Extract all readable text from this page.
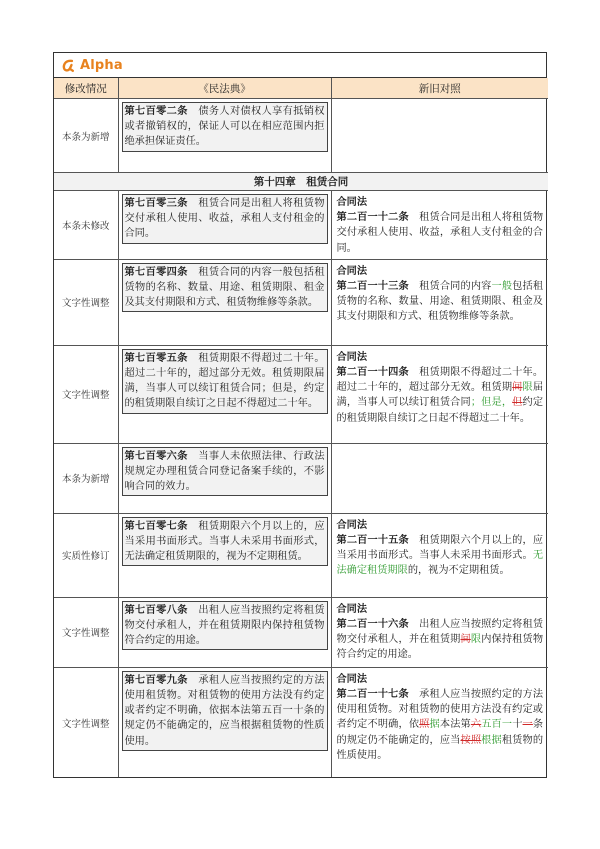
Alpha
修改情况	《民法典》	新旧对照
本条为新增	第七百零二条　债务人对债权人享有抵销权或者撤销权的，保证人可以在相应范围内拒绝承担保证责任。	

第十四章　租赁合同		
本条未修改	第七百零三条　租赁合同是出租人将租赁物交付承租人使用、收益，承租人支付租金的合同。	合同法
第二百一十二条　租赁合同是出租人将租赁物交付承租人使用、收益，承租人支付租金的合同。

文字性调整	第七百零四条　租赁合同的内容一般包括租赁物的名称、数量、用途、租赁期限、租金及其支付期限和方式、租赁物维修等条款。	合同法
第二百一十三条　租赁合同的内容一般包括租赁物的名称、数量、用途、租赁期限、租金及其支付期限和方式、租赁物维修等条款。

文字性调整	第七百零五条　租赁期限不得超过二十年。超过二十年的，超过部分无效。租赁期限届满，当事人可以续订租赁合同；但是，约定的租赁期限自续订之日起不得超过二十年。	合同法
第二百一十四条　租赁期限不得超过二十年。超过二十年的，超过部分无效。租赁期间限届满，当事人可以续订租赁合同；但是，但约定的租赁期限自续订之日起不得超过二十年。

本条为新增	第七百零六条　当事人未依照法律、行政法规规定办理租赁合同登记备案手续的，不影响合同的效力。	

实质性修订	第七百零七条　租赁期限六个月以上的，应当采用书面形式。当事人未采用书面形式，无法确定租赁期限的，视为不定期租赁。	合同法
第二百一十五条　租赁期限六个月以上的，应当采用书面形式。当事人未采用书面形式。无法确定租赁期限的，视为不定期租赁。

文字性调整	第七百零八条　出租人应当按照约定将租赁物交付承租人，并在租赁期限内保持租赁物符合约定的用途。	合同法
第二百一十六条　出租人应当按照约定将租赁物交付承租人，并在租赁期间限内保持租赁物符合约定的用途。

文字性调整	第七百零九条　承租人应当按照约定的方法使用租赁物。对租赁物的使用方法没有约定或者约定不明确，依据本法第五百一十条的规定仍不能确定的，应当根据租赁物的性质使用。	合同法
第二百一十七条　承租人应当按照约定的方法使用租赁物。对租赁物的使用方法没有约定或者约定不明确，依照据本法第六五百一十一条的规定仍不能确定的，应当按照根据租赁物的性质使用。
